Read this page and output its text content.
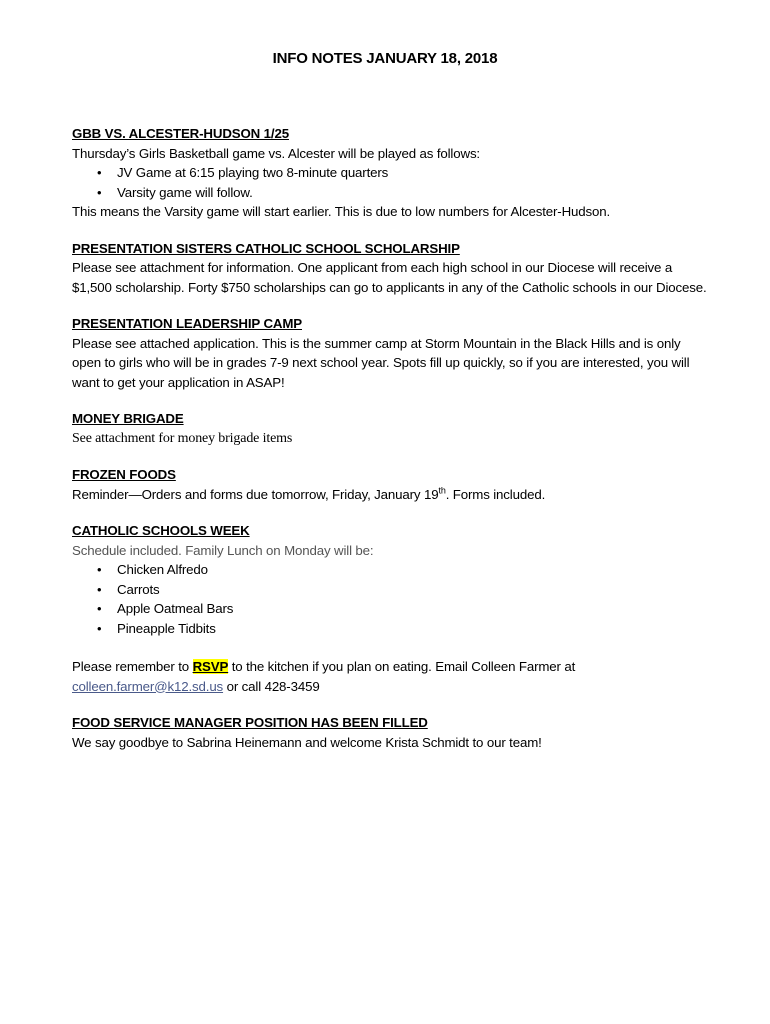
INFO NOTES JANUARY 18, 2018
GBB VS. ALCESTER-HUDSON 1/25

Thursday’s Girls Basketball game vs. Alcester will be played as follows:

• JV Game at 6:15 playing two 8-minute quarters
• Varsity game will follow.

This means the Varsity game will start earlier. This is due to low numbers for Alcester-Hudson.

PRESENTATION SISTERS CATHOLIC SCHOOL SCHOLARSHIP

Please see attachment for information. One applicant from each high school in our Diocese will receive a $1,500 scholarship. Forty $750 scholarships can go to applicants in any of the Catholic schools in our Diocese.

PRESENTATION LEADERSHIP CAMP

Please see attached application. This is the summer camp at Storm Mountain in the Black Hills and is only open to girls who will be in grades 7-9 next school year. Spots fill up quickly, so if you are interested, you will want to get your application in ASAP!

MONEY BRIGADE

See attachment for money brigade items

FROZEN FOODS

Reminder—Orders and forms due tomorrow, Friday, January 19th. Forms included.

CATHOLIC SCHOOLS WEEK

Schedule included. Family Lunch on Monday will be:

• Chicken Alfredo
• Carrots
• Apple Oatmeal Bars
• Pineapple Tidbits

Please remember to RSVP to the kitchen if you plan on eating. Email Colleen Farmer at
colleen.farmer@k12.sd.us or call 428-3459

FOOD SERVICE MANAGER POSITION HAS BEEN FILLED

We say goodbye to Sabrina Heinemann and welcome Krista Schmidt to our team!
